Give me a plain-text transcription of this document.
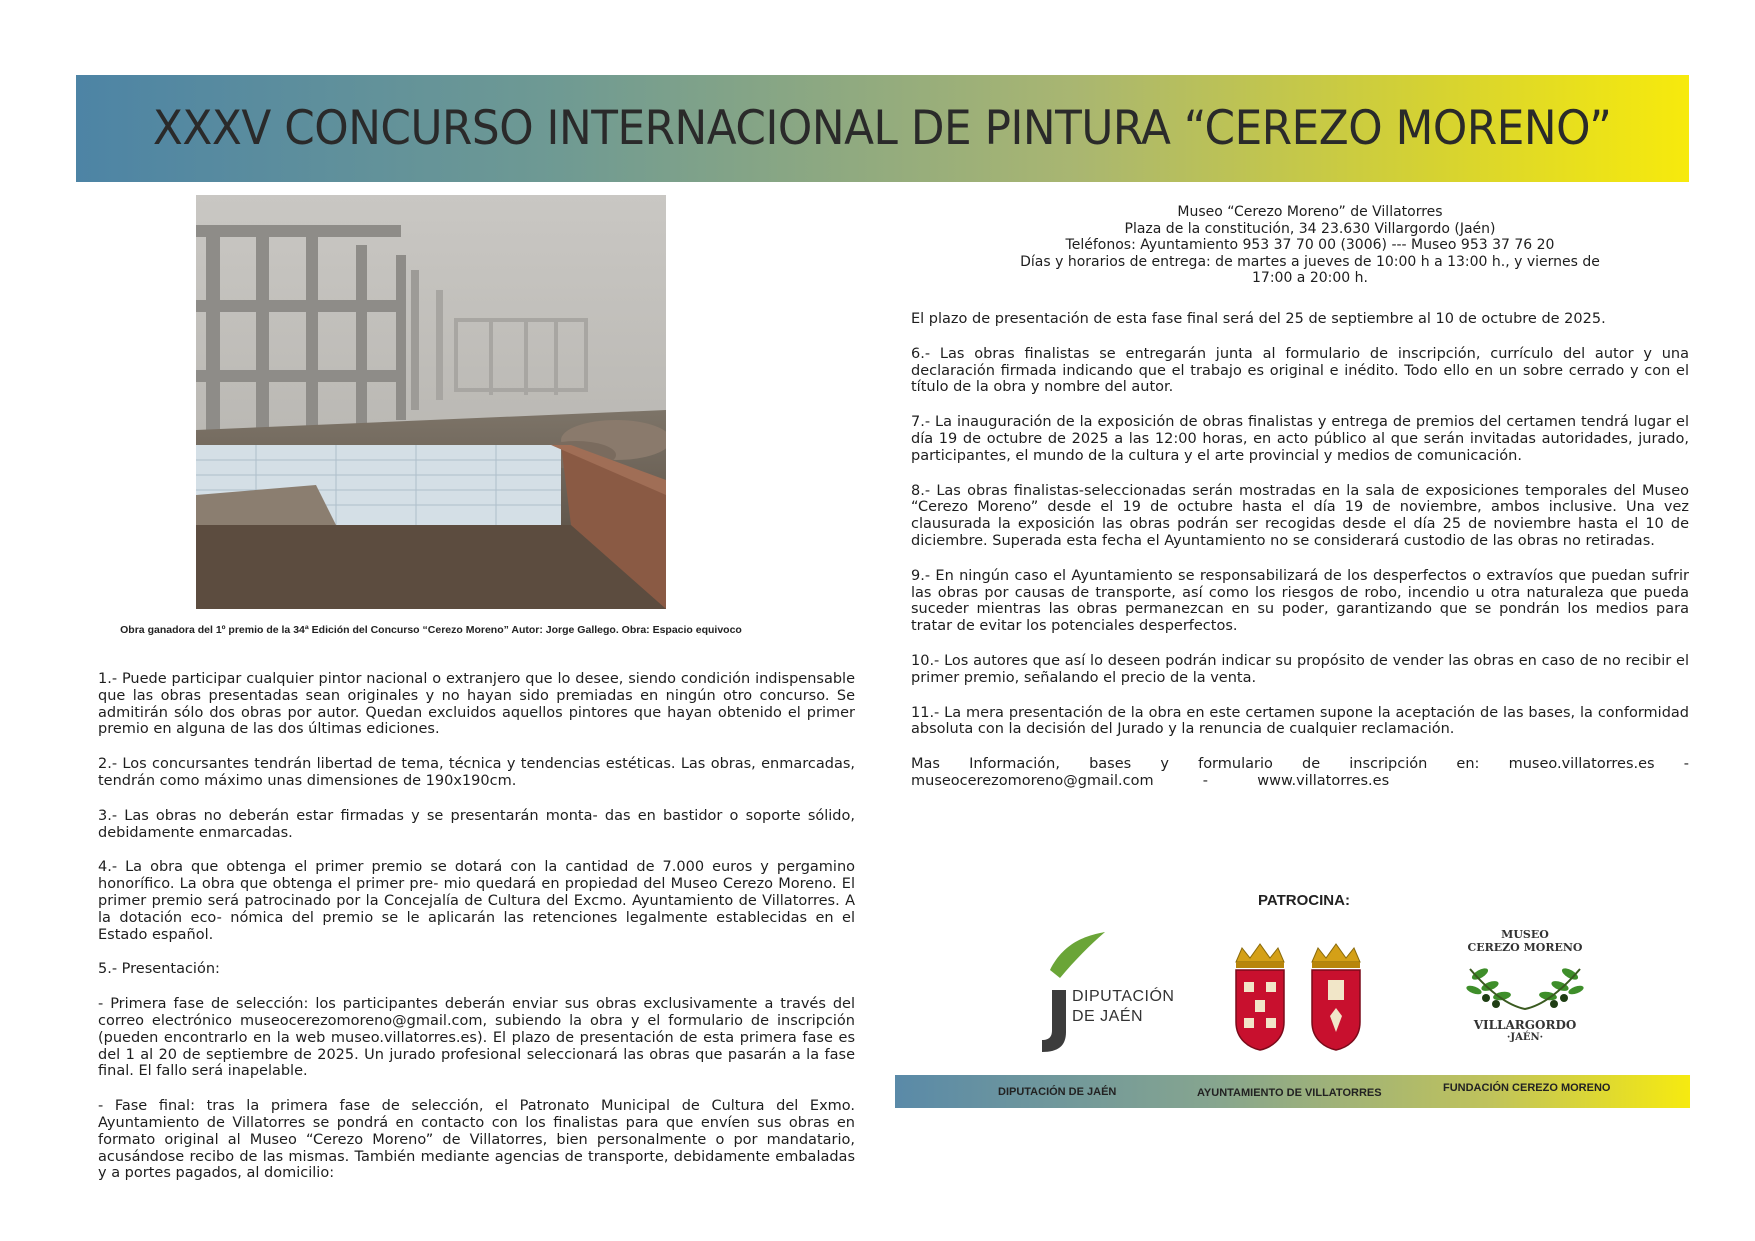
XXXV CONCURSO INTERNACIONAL DE PINTURA “CEREZO MORENO”
Obra ganadora del 1º premio de la 34ª Edición del Concurso “Cerezo Moreno” Autor: Jorge Gallego. Obra: Espacio equivoco

1.- Puede participar cualquier pintor nacional o extranjero que lo desee, siendo condición indispensable que las obras presentadas sean originales y no hayan sido premiadas en ningún otro concurso. Se admitirán sólo dos obras por autor. Quedan excluidos aquellos pintores que hayan obtenido el primer premio en alguna de las dos últimas ediciones.

2.- Los concursantes tendrán libertad de tema, técnica y tendencias estéticas. Las obras, enmarcadas, tendrán como máximo unas dimensiones de 190x190cm.

3.- Las obras no deberán estar firmadas y se presentarán monta- das en bastidor o soporte sólido, debidamente enmarcadas.

4.- La obra que obtenga el primer premio se dotará con la cantidad de 7.000 euros y pergamino honorífico. La obra que obtenga el primer pre- mio quedará en propiedad del Museo Cerezo Moreno. El primer premio será patrocinado por la Concejalía de Cultura del Excmo. Ayuntamiento de Villatorres. A la dotación eco- nómica del premio se le aplicarán las retenciones legalmente establecidas en el Estado español.

5.- Presentación:

- Primera fase de selección: los participantes deberán enviar sus obras exclusivamente a través del correo electrónico museocerezomoreno@gmail.com, subiendo la obra y el formulario de inscripción (pueden encontrarlo en la web museo.villatorres.es). El plazo de presentación de esta primera fase es del 1 al 20 de septiembre de 2025. Un jurado profesional seleccionará las obras que pasarán a la fase final. El fallo será inapelable.

- Fase final: tras la primera fase de selección, el Patronato Municipal de Cultura del Exmo. Ayuntamiento de Villatorres se pondrá en contacto con los finalistas para que envíen sus obras en formato original al Museo “Cerezo Moreno” de Villatorres, bien personalmente o por mandatario, acusándose recibo de las mismas. También mediante agencias de transporte, debidamente embaladas y a portes pagados, al domicilio:

Museo “Cerezo Moreno” de Villatorres
Plaza de la constitución, 34 23.630 Villargordo (Jaén)
Teléfonos: Ayuntamiento 953 37 70 00 (3006) --- Museo 953 37 76 20
Días y horarios de entrega: de martes a jueves de 10:00 h a 13:00 h., y viernes de
17:00 a 20:00 h.

El plazo de presentación de esta fase final será del 25 de septiembre al 10 de octubre de 2025.

6.- Las obras finalistas se entregarán junta al formulario de inscripción, currículo del autor y una declaración firmada indicando que el trabajo es original e inédito. Todo ello en un sobre cerrado y con el título de la obra y nombre del autor.

7.- La inauguración de la exposición de obras finalistas y entrega de premios del certamen tendrá lugar el día 19 de octubre de 2025 a las 12:00 horas, en acto público al que serán invitadas autoridades, jurado, participantes, el mundo de la cultura y el arte provincial y medios de comunicación.

8.- Las obras finalistas-seleccionadas serán mostradas en la sala de exposiciones temporales del Museo “Cerezo Moreno” desde el 19 de octubre hasta el día 19 de noviembre, ambos inclusive. Una vez clausurada la exposición las obras podrán ser recogidas desde el día 25 de noviembre hasta el 10 de diciembre. Superada esta fecha el Ayuntamiento no se considerará custodio de las obras no retiradas.

9.- En ningún caso el Ayuntamiento se responsabilizará de los desperfectos o extravíos que puedan sufrir las obras por causas de transporte, así como los riesgos de robo, incendio u otra naturaleza que pueda suceder mientras las obras permanezcan en su poder, garantizando que se pondrán los medios para tratar de evitar los potenciales desperfectos.

10.- Los autores que así lo deseen podrán indicar su propósito de vender las obras en caso de no recibir el primer premio, señalando el precio de la venta.

11.- La mera presentación de la obra en este certamen supone la aceptación de las bases, la conformidad absoluta con la decisión del Jurado y la renuncia de cualquier reclamación.

Mas Información, bases y formulario de inscripción en: museo.villatorres.es -
museocerezomoreno@gmail.com	-	www.villatorres.es
PATROCINA:
DIPUTACIÓN
DE JAÉN
MUSEO
CEREZO MORENO
VILLARGORDO
·JAÉN·
DIPUTACIÓN DE JAÉN	AYUNTAMIENTO DE VILLATORRES	FUNDACIÓN CEREZO MORENO
